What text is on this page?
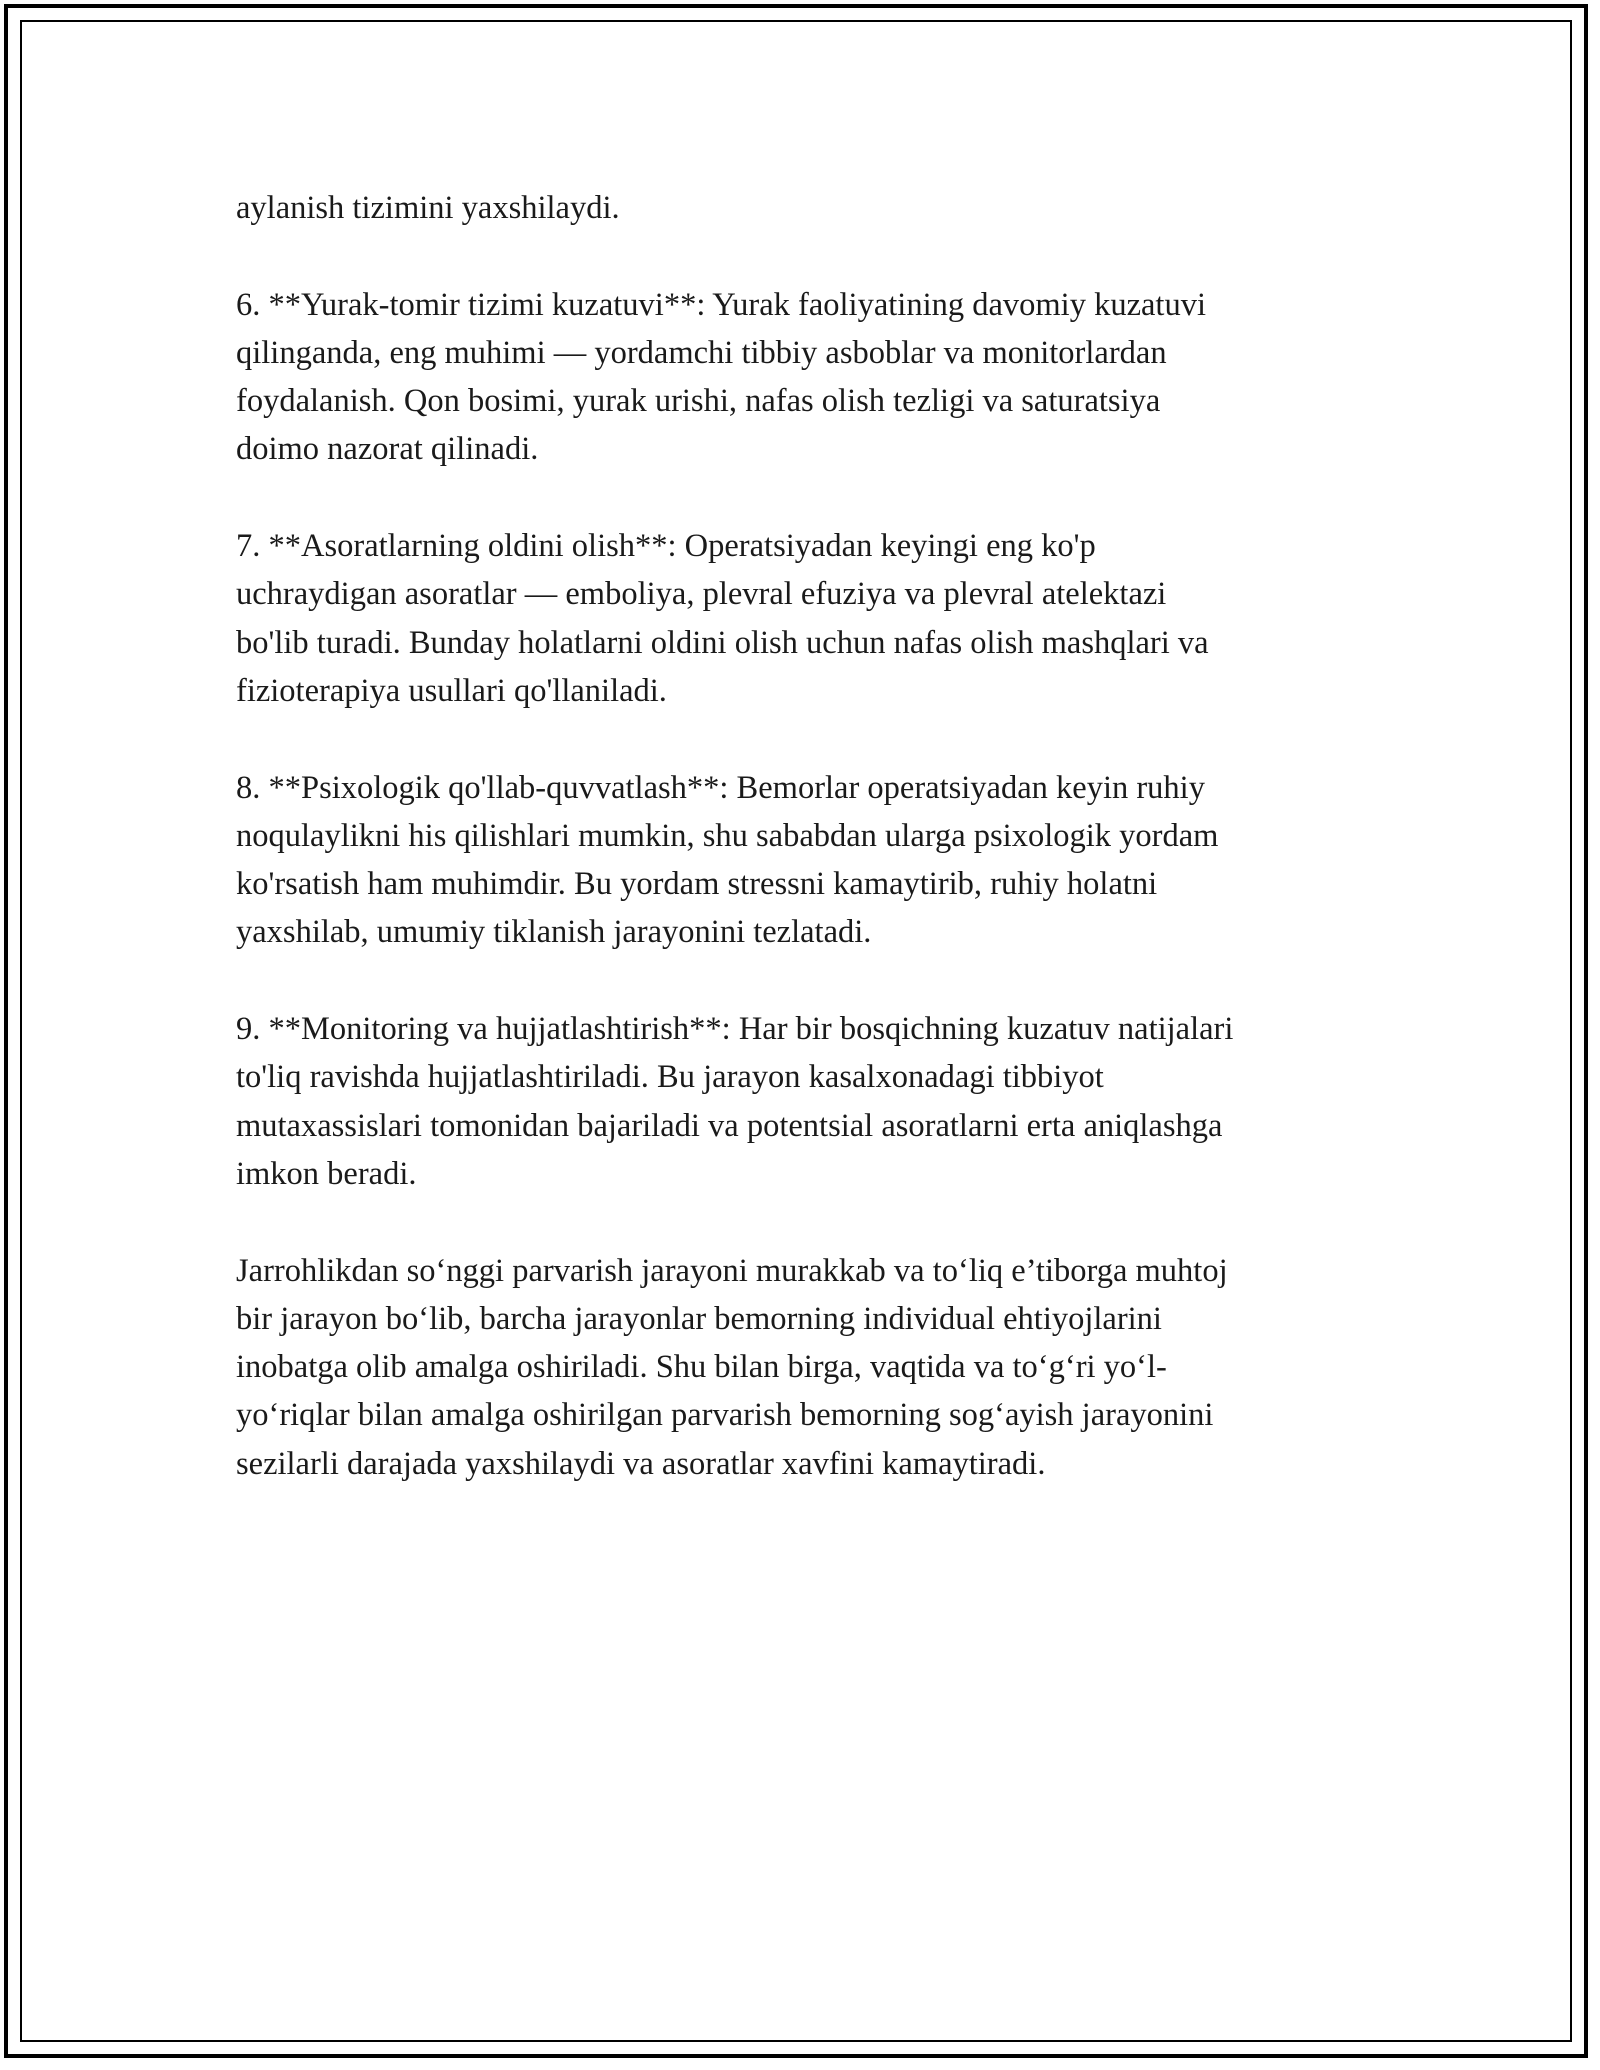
aylanish tizimini yaxshilaydi.

6. **Yurak-tomir tizimi kuzatuvi**: Yurak faoliyatining davomiy kuzatuvi
qilinganda, eng muhimi — yordamchi tibbiy asboblar va monitorlardan
foydalanish. Qon bosimi, yurak urishi, nafas olish tezligi va saturatsiya
doimo nazorat qilinadi.

7. **Asoratlarning oldini olish**: Operatsiyadan keyingi eng ko'p
uchraydigan asoratlar — emboliya, plevral efuziya va plevral atelektazi
bo'lib turadi. Bunday holatlarni oldini olish uchun nafas olish mashqlari va
fizioterapiya usullari qo'llaniladi.

8. **Psixologik qo'llab-quvvatlash**: Bemorlar operatsiyadan keyin ruhiy
noqulaylikni his qilishlari mumkin, shu sababdan ularga psixologik yordam
ko'rsatish ham muhimdir. Bu yordam stressni kamaytirib, ruhiy holatni
yaxshilab, umumiy tiklanish jarayonini tezlatadi.

9. **Monitoring va hujjatlashtirish**: Har bir bosqichning kuzatuv natijalari
to'liq ravishda hujjatlashtiriladi. Bu jarayon kasalxonadagi tibbiyot
mutaxassislari tomonidan bajariladi va potentsial asoratlarni erta aniqlashga
imkon beradi.

Jarrohlikdan so‘nggi parvarish jarayoni murakkab va to‘liq e’tiborga muhtoj
bir jarayon bo‘lib, barcha jarayonlar bemorning individual ehtiyojlarini
inobatga olib amalga oshiriladi. Shu bilan birga, vaqtida va to‘g‘ri yo‘l-
yo‘riqlar bilan amalga oshirilgan parvarish bemorning sog‘ayish jarayonini
sezilarli darajada yaxshilaydi va asoratlar xavfini kamaytiradi.
